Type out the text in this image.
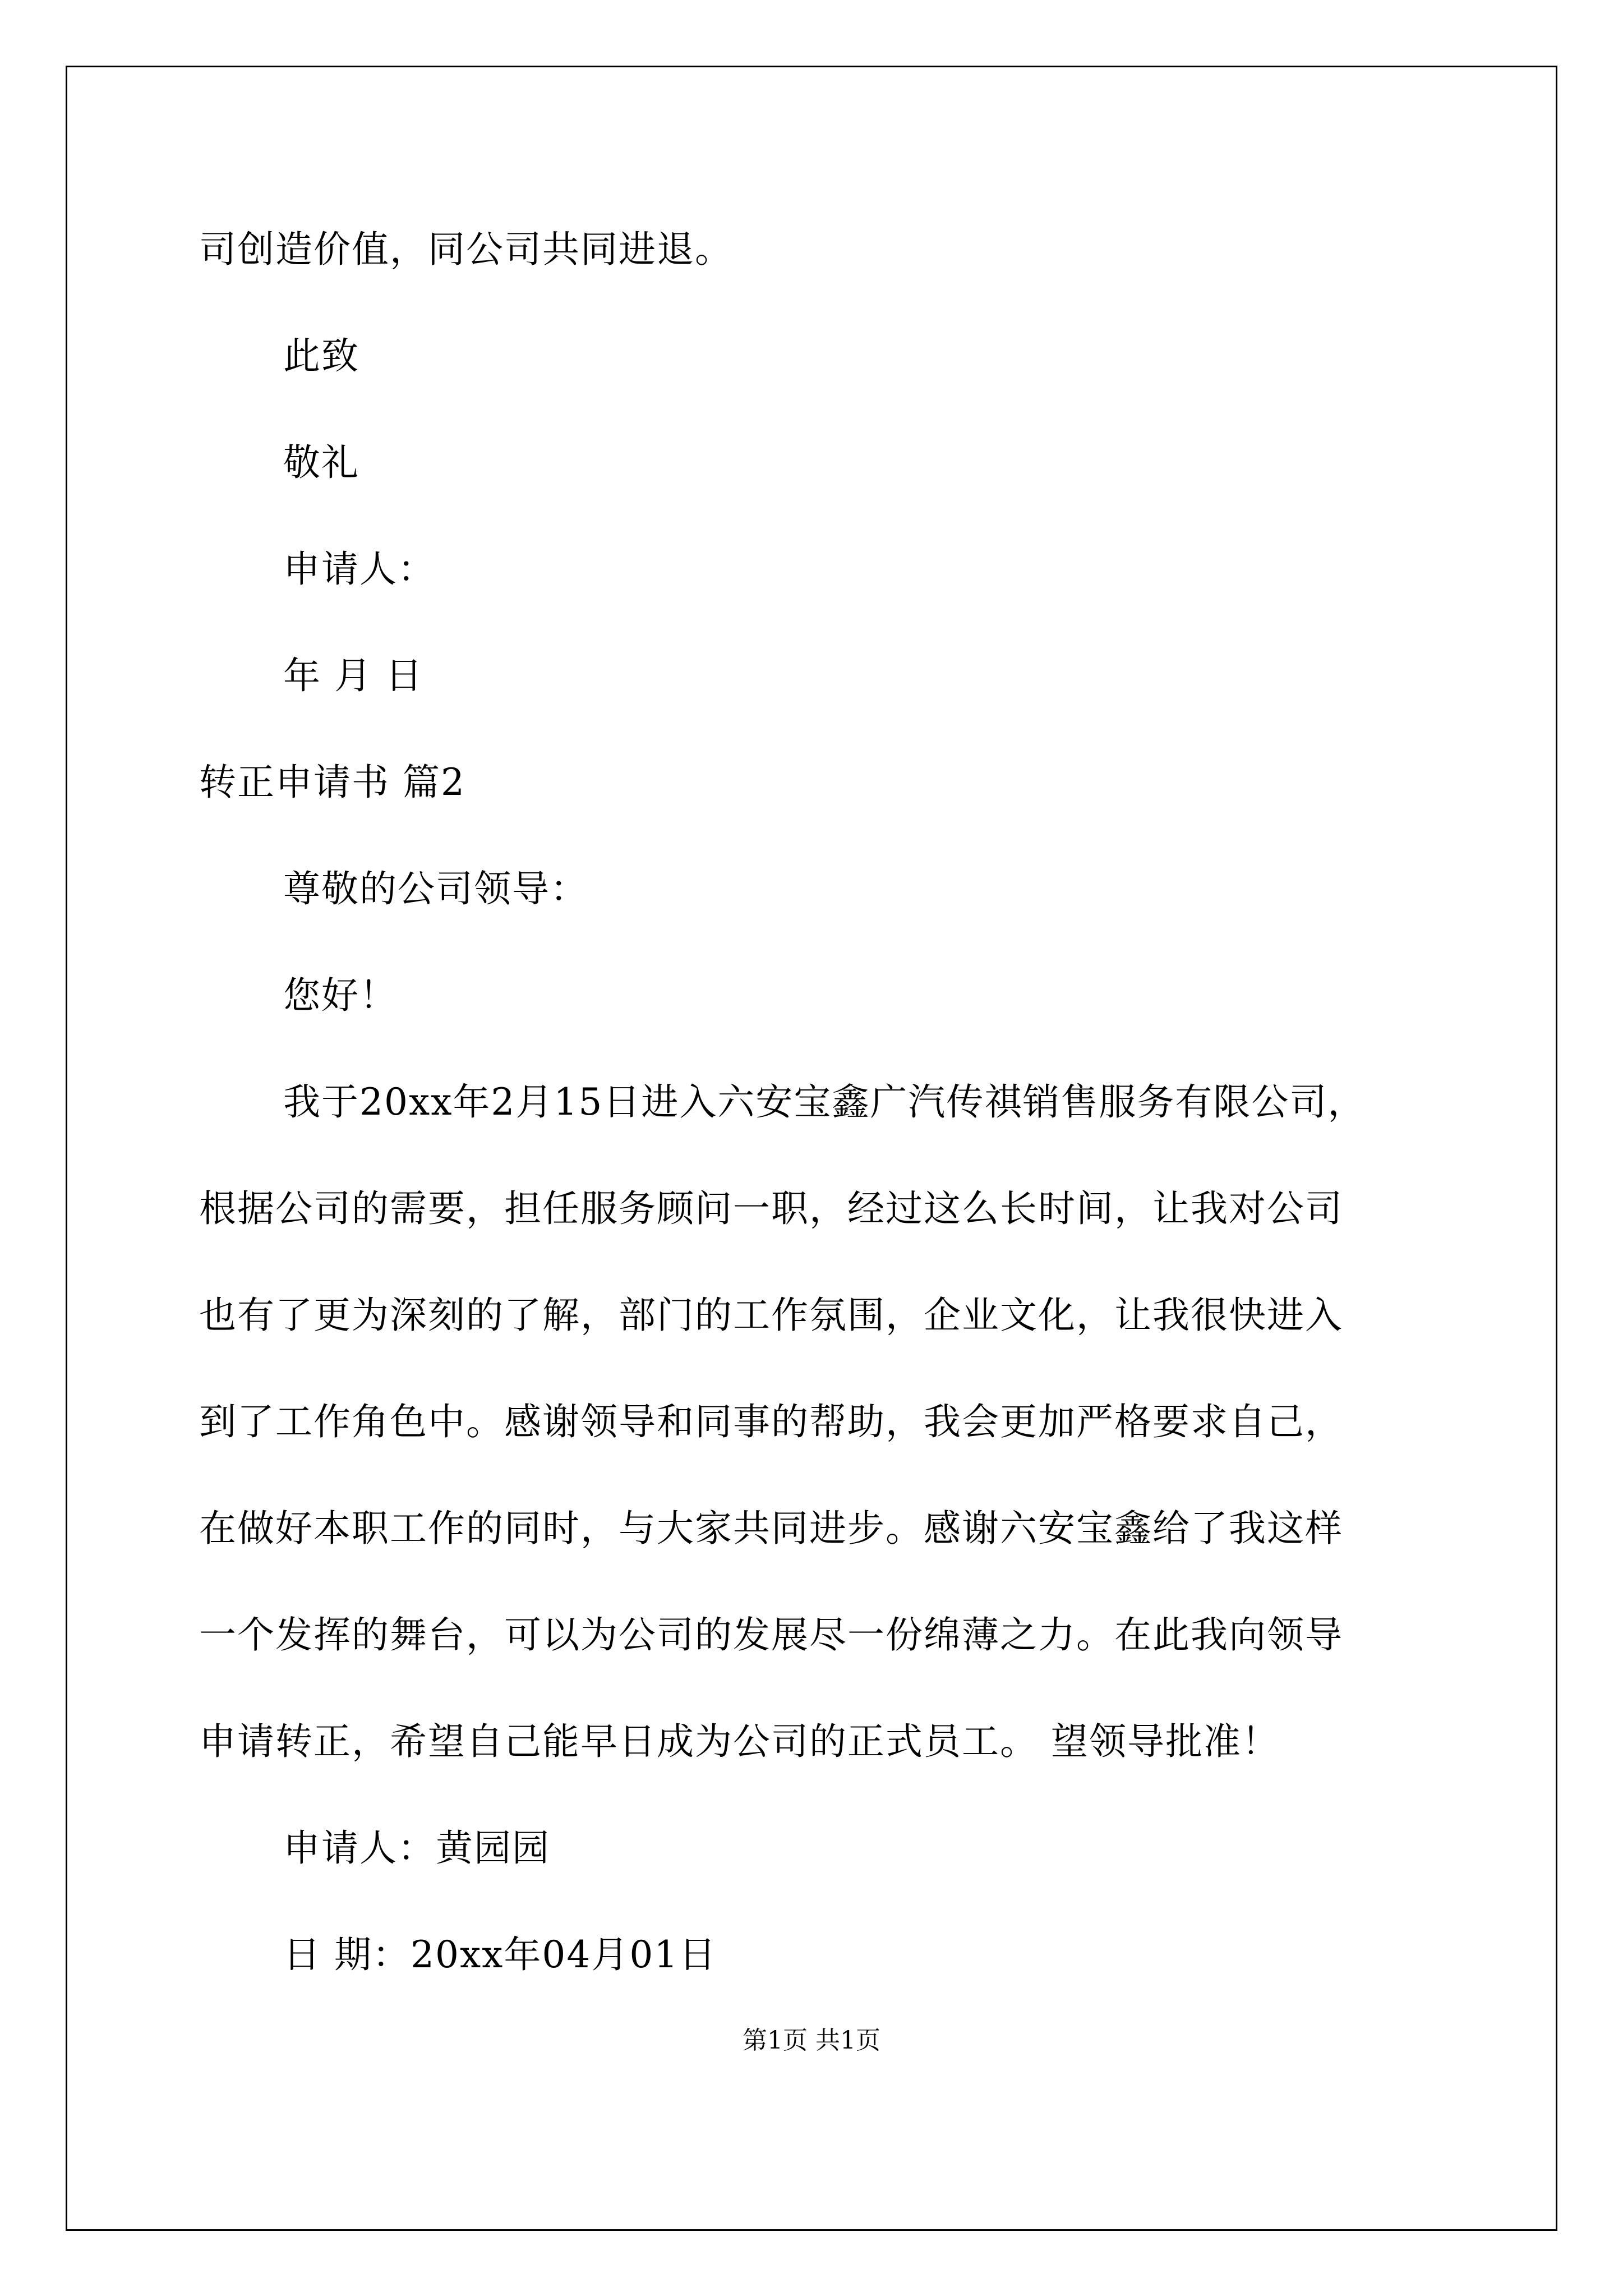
司创造价值，同公司共同进退。
此致
敬礼
申请人：
年 月 日
转正申请书 篇2
尊敬的公司领导：
您好！
我于20xx年2月15日进入六安宝鑫广汽传祺销售服务有限公司，
根据公司的需要，担任服务顾问一职，经过这么长时间，让我对公司
也有了更为深刻的了解，部门的工作氛围，企业文化，让我很快进入
到了工作角色中。感谢领导和同事的帮助，我会更加严格要求自己，
在做好本职工作的同时，与大家共同进步。感谢六安宝鑫给了我这样
一个发挥的舞台，可以为公司的发展尽一份绵薄之力。在此我向领导
申请转正，希望自己能早日成为公司的正式员工。 望领导批准！
申请人：黄园园
日 期：20xx年04月01日
第1页 共1页
